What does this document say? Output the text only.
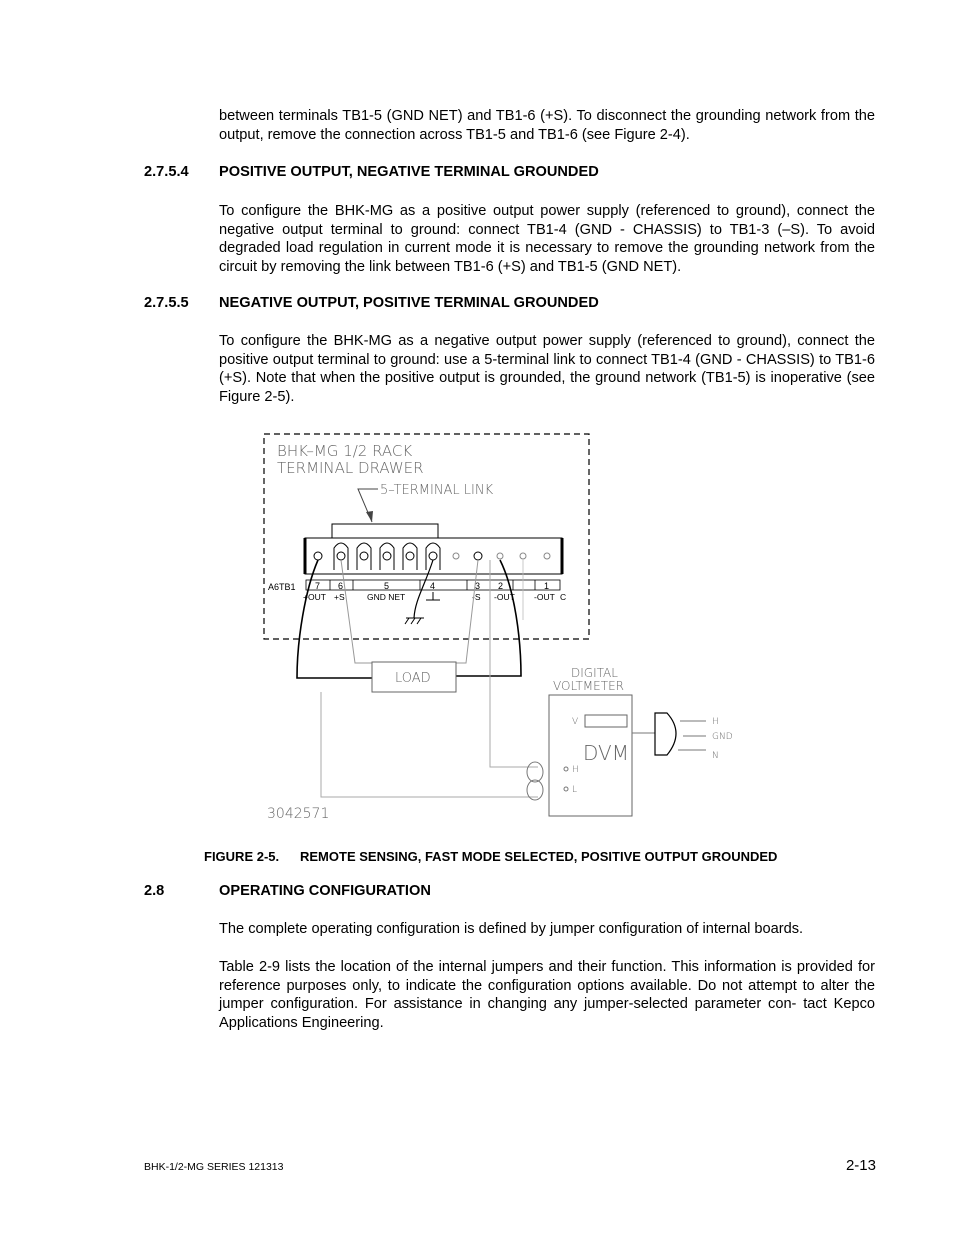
between terminals TB1-5 (GND NET) and TB1-6 (+S). To disconnect the grounding network from the output, remove the connection across TB1-5 and TB1-6 (see Figure 2-4).

2.7.5.4 POSITIVE OUTPUT, NEGATIVE TERMINAL GROUNDED

To configure the BHK-MG as a positive output power supply (referenced to ground), connect the negative output terminal to ground: connect TB1-4 (GND - CHASSIS) to TB1-3 (–S). To avoid degraded load regulation in current mode it is necessary to remove the grounding network from the circuit by removing the link between TB1-6 (+S) and TB1-5 (GND NET).

2.7.5.5 NEGATIVE OUTPUT, POSITIVE TERMINAL GROUNDED

To configure the BHK-MG as a negative output power supply (referenced to ground), connect the positive output terminal to ground: use a 5-terminal link to connect TB1-4 (GND - CHASSIS) to TB1-6 (+S). Note that when the positive output is grounded, the ground network (TB1-5) is inoperative (see Figure 2-5).

BHK–MG 1/2 RACK
TERMINAL DRAWER
5–TERMINAL LINK
A6TB1 7 6	5	4	3 2	1
+OUT +S	GND NET	-S -OUT -OUT C
LOAD	DIGITAL
VOLTMETER
V
DVM
H
L
H
GND
N
3042571
FIGURE 2-5. REMOTE SENSING, FAST MODE SELECTED, POSITIVE OUTPUT GROUNDED
2.8	OPERATING CONFIGURATION

The complete operating configuration is defined by jumper configuration of internal boards.

Table 2-9 lists the location of the internal jumpers and their function. This information is provided for reference purposes only, to indicate the configuration options available. Do not attempt to alter the jumper configuration. For assistance in changing any jumper-selected parameter con- tact Kepco Applications Engineering.

BHK-1/2-MG SERIES 121313	2-13
